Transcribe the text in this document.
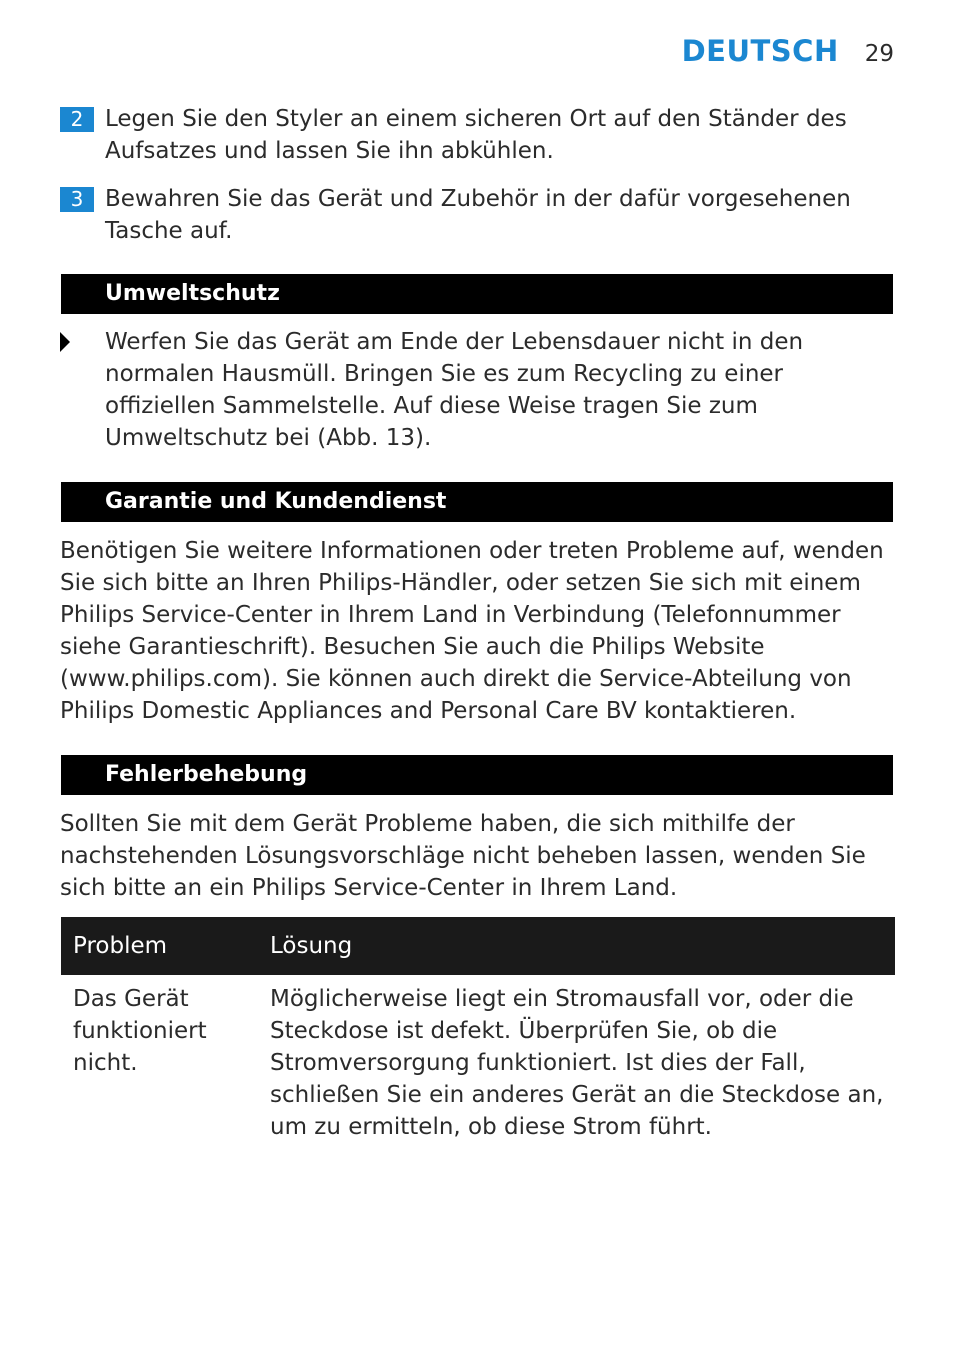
DEUTSCH 29
2 Legen Sie den Styler an einem sicheren Ort auf den Ständer des Aufsatzes und lassen Sie ihn abkühlen.
3 Bewahren Sie das Gerät und Zubehör in der dafür vorgesehenen Tasche auf.
Umweltschutz
Werfen Sie das Gerät am Ende der Lebensdauer nicht in den normalen Hausmüll. Bringen Sie es zum Recycling zu einer offiziellen Sammelstelle. Auf diese Weise tragen Sie zum Umweltschutz bei (Abb. 13).
Garantie und Kundendienst
Benötigen Sie weitere Informationen oder treten Probleme auf, wenden Sie sich bitte an Ihren Philips-Händler, oder setzen Sie sich mit einem Philips Service-Center in Ihrem Land in Verbindung (Telefonnummer siehe Garantieschrift). Besuchen Sie auch die Philips Website (www.philips.com). Sie können auch direkt die Service-Abteilung von Philips Domestic Appliances and Personal Care BV kontaktieren.
Fehlerbehebung
Sollten Sie mit dem Gerät Probleme haben, die sich mithilfe der nachstehenden Lösungsvorschläge nicht beheben lassen, wenden Sie sich bitte an ein Philips Service-Center in Ihrem Land.
Problem	Lösung
Das Gerät funktioniert nicht.
Möglicherweise liegt ein Stromausfall vor, oder die Steckdose ist defekt. Überprüfen Sie, ob die Stromversorgung funktioniert. Ist dies der Fall, schließen Sie ein anderes Gerät an die Steckdose an, um zu ermitteln, ob diese Strom führt.
